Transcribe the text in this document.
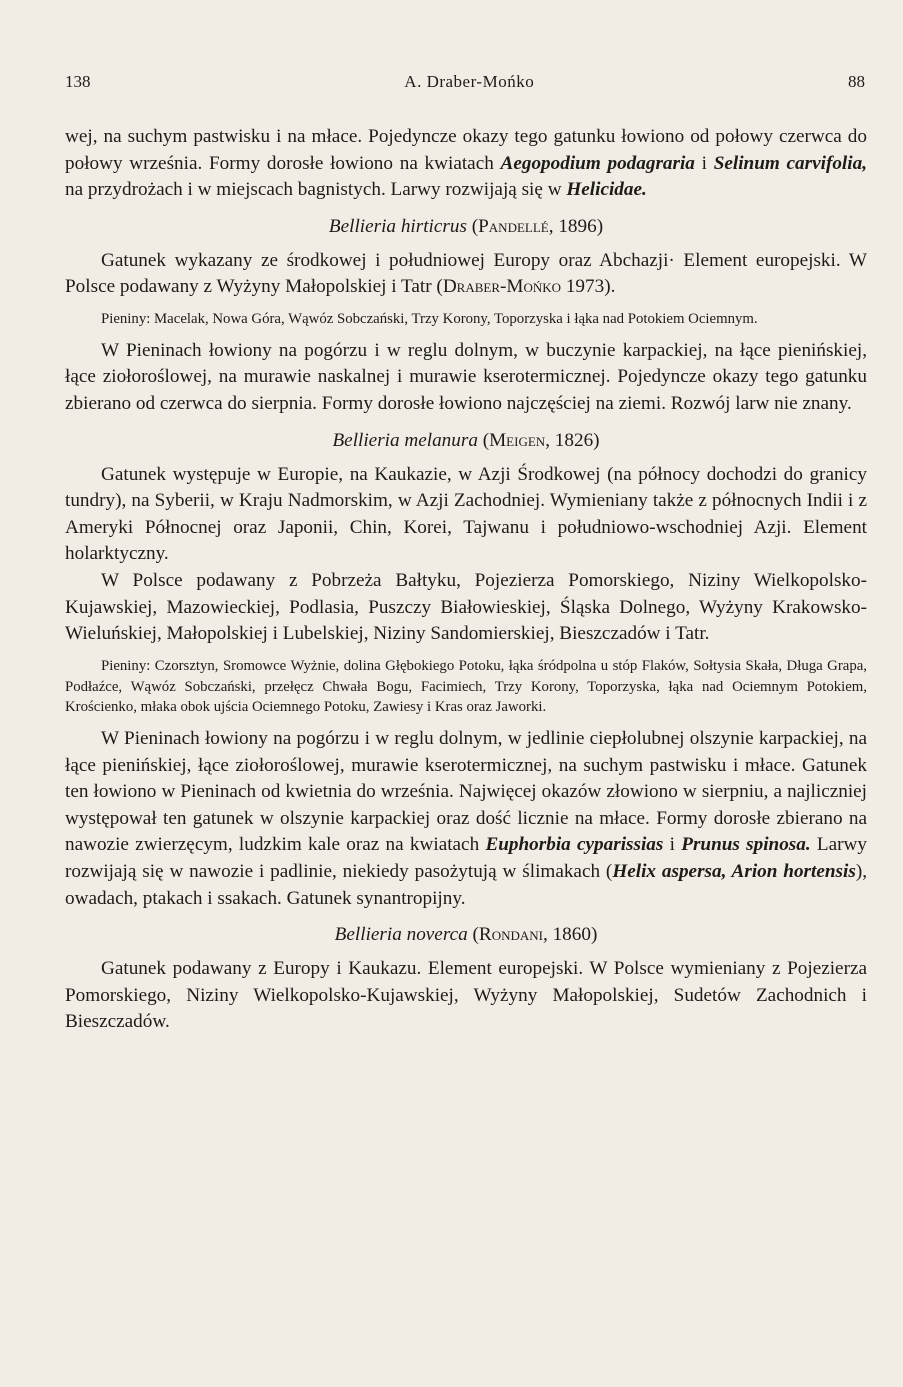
138	A. Draber-Mońko	88

wej, na suchym pastwisku i na młace. Pojedyncze okazy tego gatunku łowiono od połowy czerwca do połowy września. Formy dorosłe łowiono na kwiatach Aegopodium podagraria i Selinum carvifolia, na przydrożach i w miejscach bagnistych. Larwy rozwijają się w Helicidae.

Bellieria hirticrus (Pandellé, 1896)

Gatunek wykazany ze środkowej i południowej Europy oraz Abchazji· Element europejski. W Polsce podawany z Wyżyny Małopolskiej i Tatr (Draber-Mońko 1973).

Pieniny: Macelak, Nowa Góra, Wąwóz Sobczański, Trzy Korony, Toporzyska i łąka nad Potokiem Ociemnym.

W Pieninach łowiony na pogórzu i w reglu dolnym, w buczynie karpackiej, na łące pienińskiej, łące ziołoroślowej, na murawie naskalnej i murawie kserotermicznej. Pojedyncze okazy tego gatunku zbierano od czerwca do sierpnia. Formy dorosłe łowiono najczęściej na ziemi. Rozwój larw nie znany.

Bellieria melanura (Meigen, 1826)

Gatunek występuje w Europie, na Kaukazie, w Azji Środkowej (na północy dochodzi do granicy tundry), na Syberii, w Kraju Nadmorskim, w Azji Zachodniej. Wymieniany także z północnych Indii i z Ameryki Północnej oraz Japonii, Chin, Korei, Tajwanu i południowo-wschodniej Azji. Element holarktyczny.

W Polsce podawany z Pobrzeża Bałtyku, Pojezierza Pomorskiego, Niziny Wielkopolsko-Kujawskiej, Mazowieckiej, Podlasia, Puszczy Białowieskiej, Śląska Dolnego, Wyżyny Krakowsko-Wieluńskiej, Małopolskiej i Lubelskiej, Niziny Sandomierskiej, Bieszczadów i Tatr.

Pieniny: Czorsztyn, Sromowce Wyżnie, dolina Głębokiego Potoku, łąka śródpolna u stóp Flaków, Sołtysia Skała, Długa Grapa, Podłaźce, Wąwóz Sobczański, przełęcz Chwała Bogu, Facimiech, Trzy Korony, Toporzyska, łąka nad Ociemnym Potokiem, Krościenko, młaka obok ujścia Ociemnego Potoku, Zawiesy i Kras oraz Jaworki.

W Pieninach łowiony na pogórzu i w reglu dolnym, w jedlinie ciepłolubnej olszynie karpackiej, na łące pienińskiej, łące ziołoroślowej, murawie kserotermicznej, na suchym pastwisku i młace. Gatunek ten łowiono w Pieninach od kwietnia do września. Najwięcej okazów złowiono w sierpniu, a najliczniej występował ten gatunek w olszynie karpackiej oraz dość licznie na młace. Formy dorosłe zbierano na nawozie zwierzęcym, ludzkim kale oraz na kwiatach Euphorbia cyparissias i Prunus spinosa. Larwy rozwijają się w nawozie i padlinie, niekiedy pasożytują w ślimakach (Helix aspersa, Arion hortensis), owadach, ptakach i ssakach. Gatunek synantropijny.

Bellieria noverca (Rondani, 1860)

Gatunek podawany z Europy i Kaukazu. Element europejski. W Polsce wymieniany z Pojezierza Pomorskiego, Niziny Wielkopolsko-Kujawskiej, Wyżyny Małopolskiej, Sudetów Zachodnich i Bieszczadów.
